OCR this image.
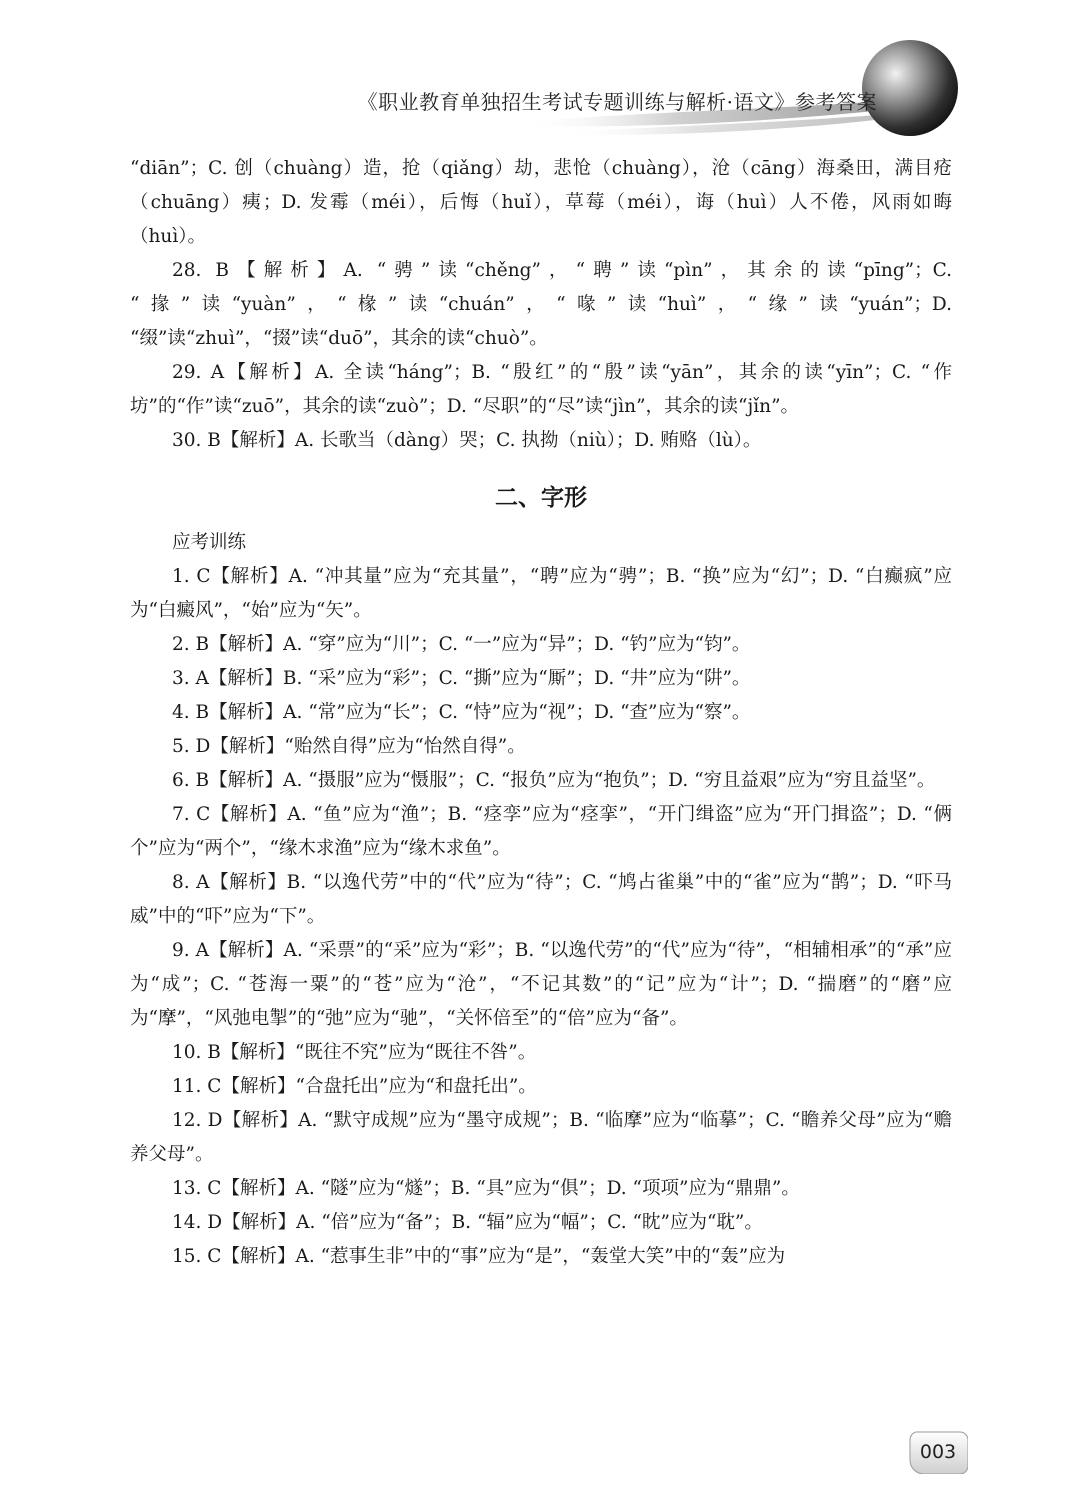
《职业教育单独招生考试专题训练与解析·语文》参考答案

“diān”；C. 创（chuàng）造，抢（qiǎng）劫，悲怆（chuàng），沧（cāng）海桑田，满目疮（chuāng）痍；D. 发霉（méi），后悔（huǐ），草莓（méi），诲（huì）人不倦，风雨如晦（huì）。

28. B【解析】A. “骋”读“chěng”，“聘”读“pìn”，其余的读“pīng”；C. “掾”读“yuàn”，“椽”读“chuán”，“喙”读“huì”，“缘”读“yuán”；D. “缀”读“zhuì”，“掇”读“duō”，其余的读“chuò”。

29. A【解析】A. 全读“háng”；B. “殷红”的“殷”读“yān”，其余的读“yīn”；C. “作坊”的“作”读“zuō”，其余的读“zuò”；D. “尽职”的“尽”读“jìn”，其余的读“jǐn”。

30. B【解析】A. 长歌当（dàng）哭；C. 执拗（niù）；D. 贿赂（lù）。

二、字形

应考训练

1. C【解析】A. “冲其量”应为“充其量”，“聘”应为“骋”；B. “换”应为“幻”；D. “白癫疯”应为“白癜风”，“始”应为“矢”。

2. B【解析】A. “穿”应为“川”；C. “一”应为“异”；D. “钓”应为“钧”。

3. A【解析】B. “采”应为“彩”；C. “撕”应为“厮”；D. “井”应为“阱”。

4. B【解析】A. “常”应为“长”；C. “恃”应为“视”；D. “查”应为“察”。

5. D【解析】“贻然自得”应为“怡然自得”。

6. B【解析】A. “摄服”应为“慑服”；C. “报负”应为“抱负”；D. “穷且益艰”应为“穷且益坚”。

7. C【解析】A. “鱼”应为“渔”；B. “痉孪”应为“痉挛”，“开门缉盗”应为“开门揖盗”；D. “俩个”应为“两个”，“缘木求渔”应为“缘木求鱼”。

8. A【解析】B. “以逸代劳”中的“代”应为“待”；C. “鸠占雀巢”中的“雀”应为“鹊”；D. “吓马威”中的“吓”应为“下”。

9. A【解析】A. “采票”的“采”应为“彩”；B. “以逸代劳”的“代”应为“待”，“相辅相承”的“承”应为“成”；C. “苍海一粟”的“苍”应为“沧”，“不记其数”的“记”应为“计”；D. “揣磨”的“磨”应为“摩”，“风弛电掣”的“弛”应为“驰”，“关怀倍至”的“倍”应为“备”。

10. B【解析】“既往不究”应为“既往不咎”。

11. C【解析】“合盘托出”应为“和盘托出”。

12. D【解析】A. “默守成规”应为“墨守成规”；B. “临摩”应为“临摹”；C. “瞻养父母”应为“赡养父母”。

13. C【解析】A. “隧”应为“燧”；B. “具”应为“俱”；D. “项项”应为“鼎鼎”。

14. D【解析】A. “倍”应为“备”；B. “辐”应为“幅”；C. “眈”应为“耽”。

15. C【解析】A. “惹事生非”中的“事”应为“是”，“轰堂大笑”中的“轰”应为

003
